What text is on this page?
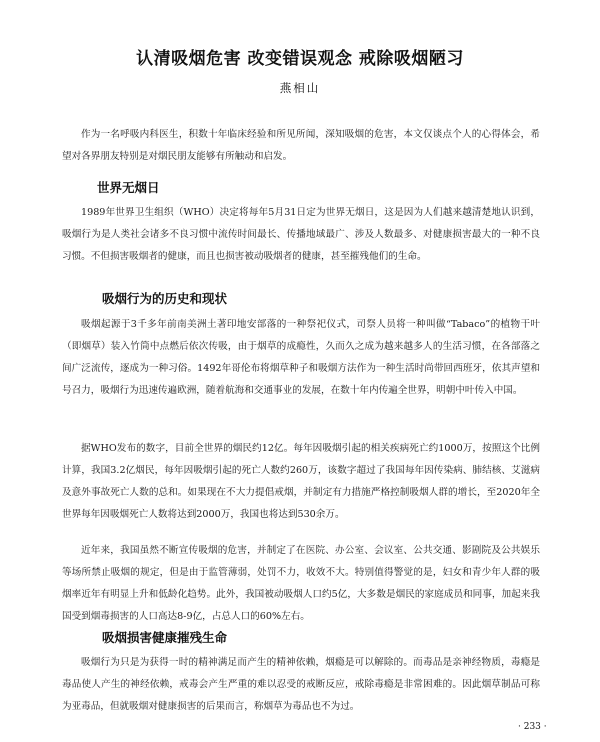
认清吸烟危害 改变错误观念 戒除吸烟陋习

燕相山

作为一名呼吸内科医生，积数十年临床经验和所见所闻，深知吸烟的危害，本文仅谈点个人的心得体会，希望对各界朋友特别是对烟民朋友能够有所触动和启发。

世界无烟日

1989年世界卫生组织（WHO）决定将每年5月31日定为世界无烟日，这是因为人们越来越清楚地认识到，吸烟行为是人类社会诸多不良习惯中流传时间最长、传播地域最广、涉及人数最多、对健康损害最大的一种不良习惯。不但损害吸烟者的健康，而且也损害被动吸烟者的健康，甚至摧残他们的生命。

吸烟行为的历史和现状

吸烟起源于3千多年前南美洲土著印地安部落的一种祭祀仪式，司祭人员将一种叫做“Tabaco”的植物干叶（即烟草）装入竹筒中点燃后依次传吸，由于烟草的成瘾性，久而久之成为越来越多人的生活习惯，在各部落之间广泛流传，逐成为一种习俗。1492年哥伦布将烟草种子和吸烟方法作为一种生活时尚带回西班牙，依其声望和号召力，吸烟行为迅速传遍欧洲，随着航海和交通事业的发展，在数十年内传遍全世界，明朝中叶传入中国。

据WHO发布的数字，目前全世界的烟民约12亿。每年因吸烟引起的相关疾病死亡约1000万，按照这个比例计算，我国3.2亿烟民，每年因吸烟引起的死亡人数约260万，该数字超过了我国每年因传染病、肺结核、艾滋病及意外事故死亡人数的总和。如果现在不大力提倡戒烟，并制定有力措施严格控制吸烟人群的增长，至2020年全世界每年因吸烟死亡人数将达到2000万，我国也将达到530余万。

近年来，我国虽然不断宣传吸烟的危害，并制定了在医院、办公室、会议室、公共交通、影剧院及公共娱乐等场所禁止吸烟的规定，但是由于监管薄弱，处罚不力，收效不大。特别值得警觉的是，妇女和青少年人群的吸烟率近年有明显上升和低龄化趋势。此外，我国被动吸烟人口约5亿，大多数是烟民的家庭成员和同事，加起来我国受到烟毒损害的人口高达8-9亿，占总人口的60%左右。

吸烟损害健康摧残生命

吸烟行为只是为获得一时的精神满足而产生的精神依赖，烟瘾是可以解除的。而毒品是亲神经物质，毒瘾是毒品使人产生的神经依赖，戒毒会产生严重的难以忍受的戒断反应，戒除毒瘾是非常困难的。因此烟草制品可称为亚毒品，但就吸烟对健康损害的后果而言，称烟草为毒品也不为过。

· 233 ·
